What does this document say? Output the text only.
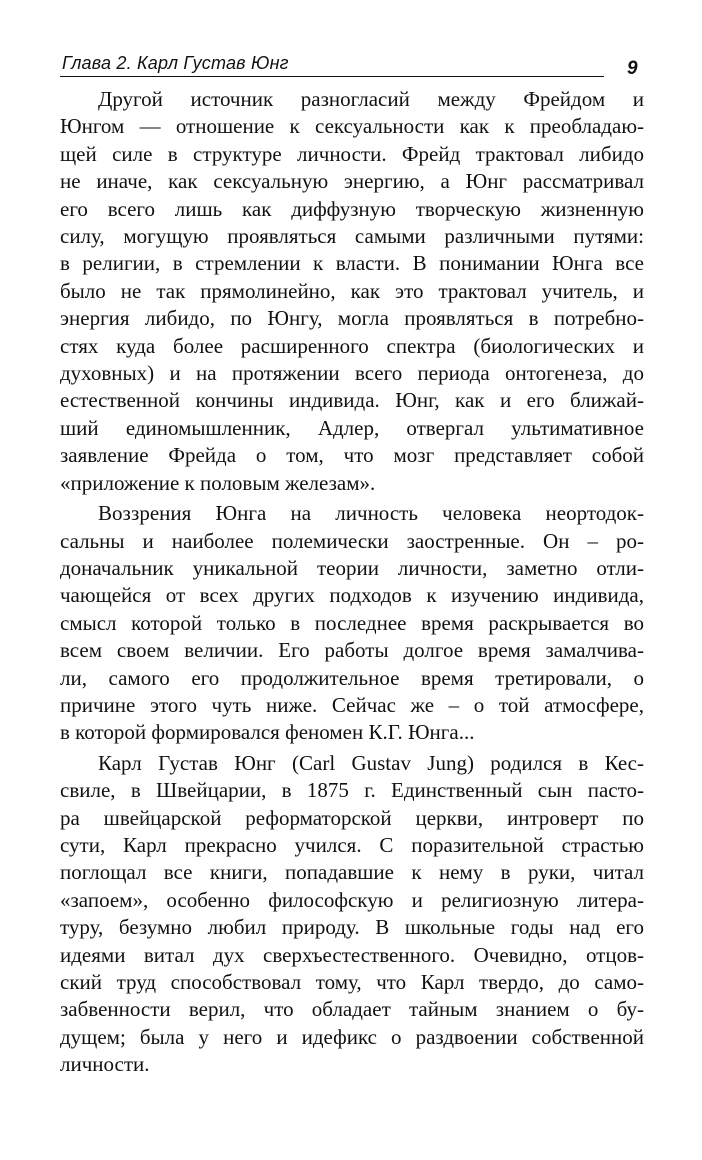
Глава 2. Карл Густав Юнг	9

Другой источник разногласий между Фрейдом и
Юнгом — отношение к сексуальности как к преобладаю-
щей силе в структуре личности. Фрейд трактовал либидо
не иначе, как сексуальную энергию, а Юнг рассматривал
его всего лишь как диффузную творческую жизненную
силу, могущую проявляться самыми различными путями:
в религии, в стремлении к власти. В понимании Юнга все
было не так прямолинейно, как это трактовал учитель, и
энергия либидо, по Юнгу, могла проявляться в потребно-
стях куда более расширенного спектра (биологических и
духовных) и на протяжении всего периода онтогенеза, до
естественной кончины индивида. Юнг, как и его ближай-
ший единомышленник, Адлер, отвергал ультимативное
заявление Фрейда о том, что мозг представляет собой
«приложение к половым железам».

Воззрения Юнга на личность человека неортодок-
сальны и наиболее полемически заостренные. Он – ро-
доначальник уникальной теории личности, заметно отли-
чающейся от всех других подходов к изучению индивида,
смысл которой только в последнее время раскрывается во
всем своем величии. Его работы долгое время замалчива-
ли, самого его продолжительное время третировали, о
причине этого чуть ниже. Сейчас же – о той атмосфере,
в которой формировался феномен К.Г. Юнга...

Карл Густав Юнг (Carl Gustav Jung) родился в Кес-
свиле, в Швейцарии, в 1875 г. Единственный сын пасто-
ра швейцарской реформаторской церкви, интроверт по
сути, Карл прекрасно учился. С поразительной страстью
поглощал все книги, попадавшие к нему в руки, читал
«запоем», особенно философскую и религиозную литера-
туру, безумно любил природу. В школьные годы над его
идеями витал дух сверхъестественного. Очевидно, отцов-
ский труд способствовал тому, что Карл твердо, до само-
забвенности верил, что обладает тайным знанием о бу-
дущем; была у него и идефикс о раздвоении собственной
личности.
